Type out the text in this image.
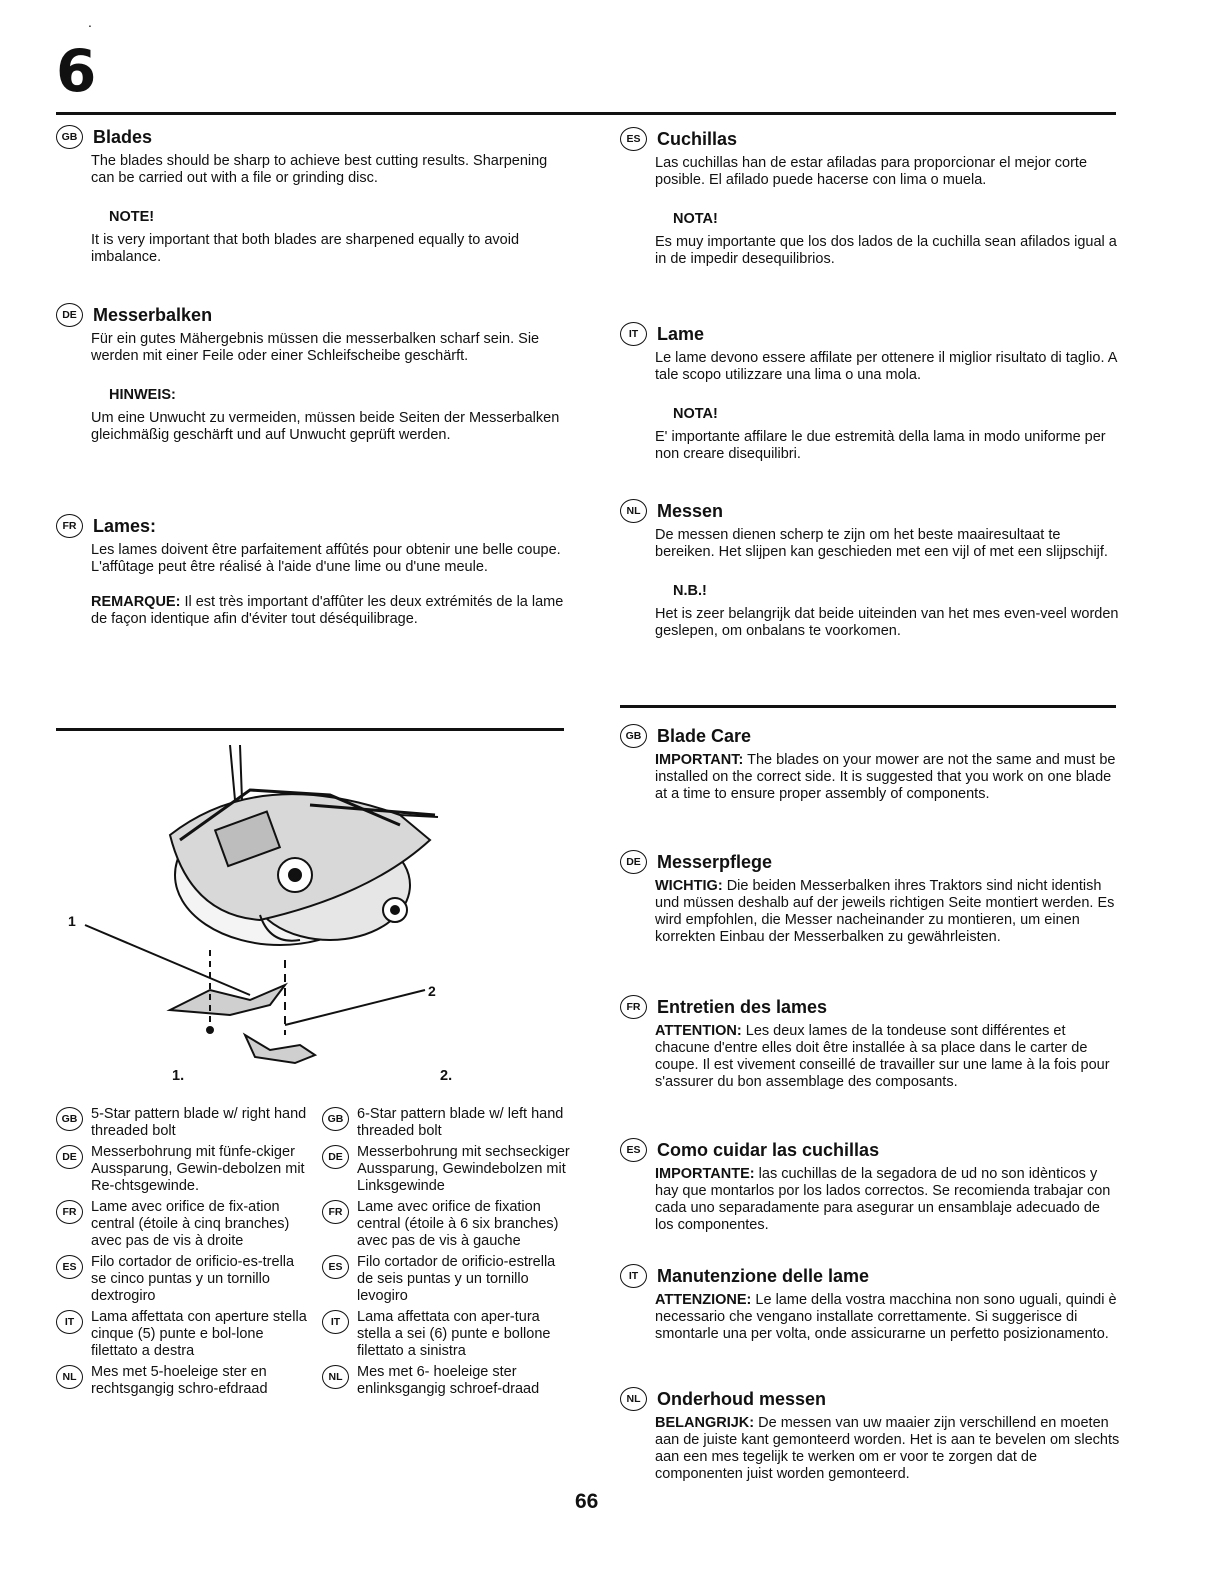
.
6
GB Blades
The blades should be sharp to achieve best cutting results. Sharpening can be carried out with a file or grinding disc.
NOTE!
It is very important that both blades are sharpened equally to avoid imbalance.
DE Messerbalken
Für ein gutes Mähergebnis müssen die messerbalken scharf sein. Sie werden mit einer Feile oder einer Schleifscheibe geschärft.
HINWEIS:
Um eine Unwucht zu vermeiden, müssen beide Seiten der Messerbalken gleichmäßig geschärft und auf Unwucht geprüft werden.
FR Lames:
Les lames doivent être parfaitement affûtés pour obtenir une belle coupe. L'affûtage peut être réalisé à l'aide d'une lime ou d'une meule.
REMARQUE: Il est très important d'affûter les deux extrémités de la lame de façon identique afin d'éviter tout déséquilibrage.
ES Cuchillas
Las cuchillas han de estar afiladas para proporcionar el mejor corte posible. El afilado puede hacerse con lima o muela.
NOTA!
Es muy importante que los dos lados de la cuchilla sean afilados igual a in de impedir desequilibrios.
IT	Lame
Le lame devono essere affilate per ottenere il miglior risultato di taglio. A tale scopo utilizzare una lima o una mola.
NOTA!
E' importante affilare le due estremità della lama in modo uniforme per non creare disequilibri.
NL Messen
De messen dienen scherp te zijn om het beste maairesultaat te bereiken. Het slijpen kan geschieden met een vijl of met een slijpschijf.
N.B.!
Het is zeer belangrijk dat beide uiteinden van het mes even-veel worden geslepen, om onbalans te voorkomen.
GB Blade Care
IMPORTANT: The blades on your mower are not the same and must be installed on the correct side. It is suggested that you work on one blade at a time to ensure proper assembly of components.
DE Messerpflege
WICHTIG: Die beiden Messerbalken ihres Traktors sind nicht identish und müssen deshalb auf der jeweils richtigen Seite montiert werden. Es wird empfohlen, die Messer nacheinander zu montieren, um einen korrekten Einbau der Messerbalken zu gewährleisten.
FR Entretien des lames
ATTENTION: Les deux lames de la tondeuse sont différentes et chacune d'entre elles doit être installée à sa place dans le carter de coupe. Il est vivement conseillé de travailler sur une lame à la fois pour s'assurer du bon assemblage des composants.
ES Como cuidar las cuchillas
IMPORTANTE: las cuchillas de la segadora de ud no son idènticos y hay que montarlos por los lados correctos. Se recomienda trabajar con cada uno separadamente para asegurar un ensamblaje adecuado de los componentes.
IT	Manutenzione delle lame
ATTENZIONE: Le lame della vostra macchina non sono uguali, quindi è necessario che vengano installate correttamente. Si suggerisce di smontarle una per volta, onde assicurarne un perfetto posizionamento.
NL Onderhoud messen
BELANGRIJK: De messen van uw maaier zijn verschillend en moeten aan de juiste kant gemonteerd worden. Het is aan te bevelen om slechts aan een mes tegelijk te werken om er voor te zorgen dat de componenten juist worden gemonteerd.
1
2
1.	2.
GB 5-Star pattern blade w/ right hand threaded bolt
DE Messerbohrung mit fünfe-ckiger Aussparung, Gewin-debolzen mit Re-chtsgewinde.
FR	Lame avec orifice de fix-ation central (étoile à cinq branches) avec pas de vis à droite
ES	Filo cortador de orificio-es-trella se cinco puntas y un tornillo dextrogiro
IT	Lama affettata con aperture stella cinque (5) punte e bol-lone filettato a destra
NL	Mes met 5-hoeleige ster en rechtsgangig schro-efdraad
GB 6-Star pattern blade w/ left hand threaded bolt
DE Messerbohrung mit sechseckiger Aussparung, Gewindebolzen mit Linksgewinde
FR	Lame avec orifice de fixation central (étoile à 6 six branches) avec pas de vis à gauche
ES	Filo cortador de orificio-estrella de seis puntas y un tornillo levogiro
IT	Lama affettata con aper-tura stella a sei (6) punte e bollone filettato a sinistra
NL	Mes met 6- hoeleige ster enlinksgangig schroef-draad
66
